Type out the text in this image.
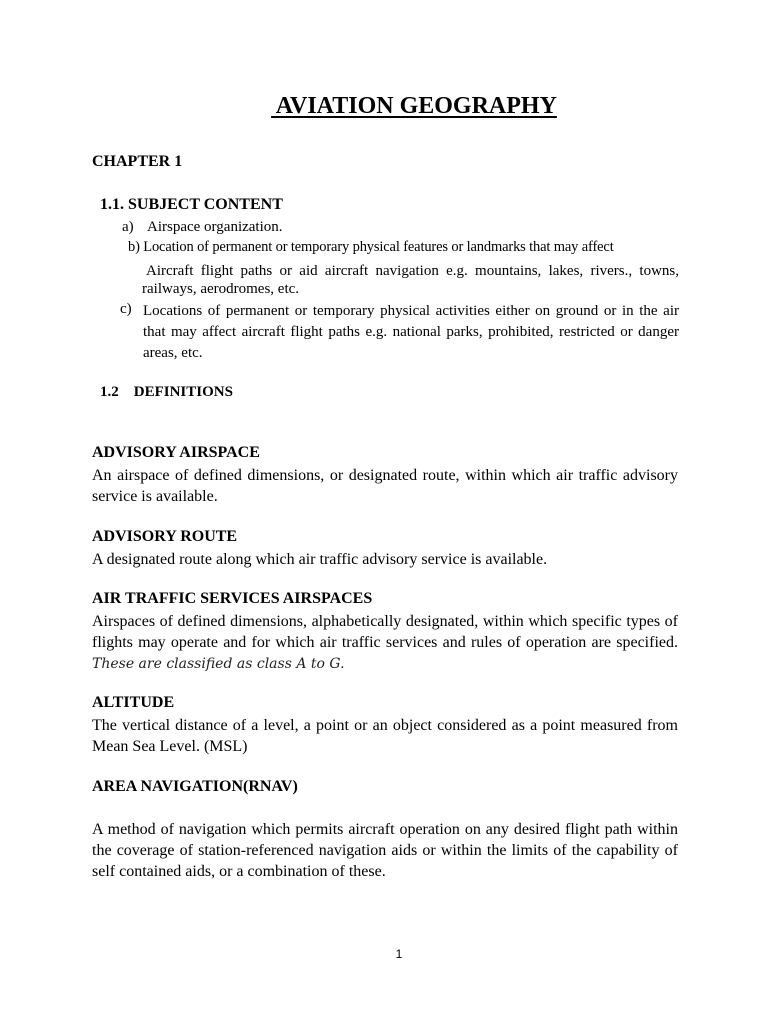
AVIATION GEOGRAPHY
CHAPTER 1
1.1. SUBJECT CONTENT
a) Airspace organization.
b) Location of permanent or temporary physical features or landmarks that may affect
Aircraft flight paths or aid aircraft navigation e.g. mountains, lakes, rivers., towns,
railways, aerodromes, etc.
c) Locations of permanent or temporary physical activities either on ground or in the air that may affect aircraft flight paths e.g. national parks, prohibited, restricted or danger areas, etc.
1.2    DEFINITIONS
ADVISORY AIRSPACE
An airspace of defined dimensions, or designated route, within which air traffic advisory service is available.
ADVISORY ROUTE
A designated route along which air traffic advisory service is available.
AIR TRAFFIC SERVICES AIRSPACES
Airspaces of defined dimensions, alphabetically designated, within which specific types of flights may operate and for which air traffic services and rules of operation are specified. These are classified as class A to G.
ALTITUDE
The vertical distance of a level, a point or an object considered as a point measured from Mean Sea Level. (MSL)
AREA NAVIGATION(RNAV)
A method of navigation which permits aircraft operation on any desired flight path within the coverage of station-referenced navigation aids or within the limits of the capability of self contained aids, or a combination of these.
1
